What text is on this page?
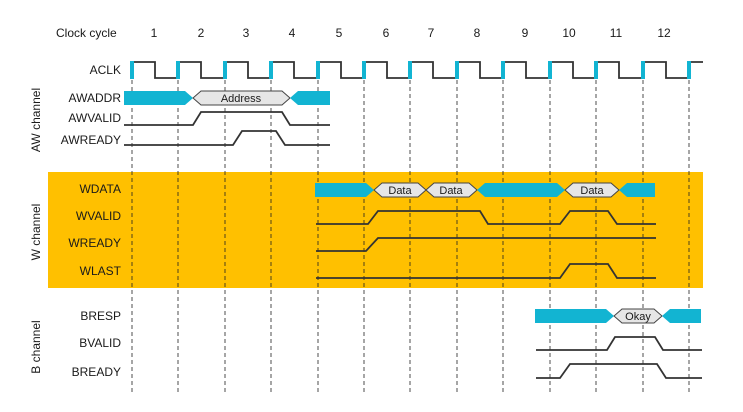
Clock cycle	1	2	3	4	5	6	7	8	9	10	11	12
AW channel
W channel
B channel
ACLK
AWADDR
AWVALID
AWREADY
WDATA
WVALID
WREADY
WLAST
BRESP
BVALID
BREADY
Address
Data	Data	Data
Okay
